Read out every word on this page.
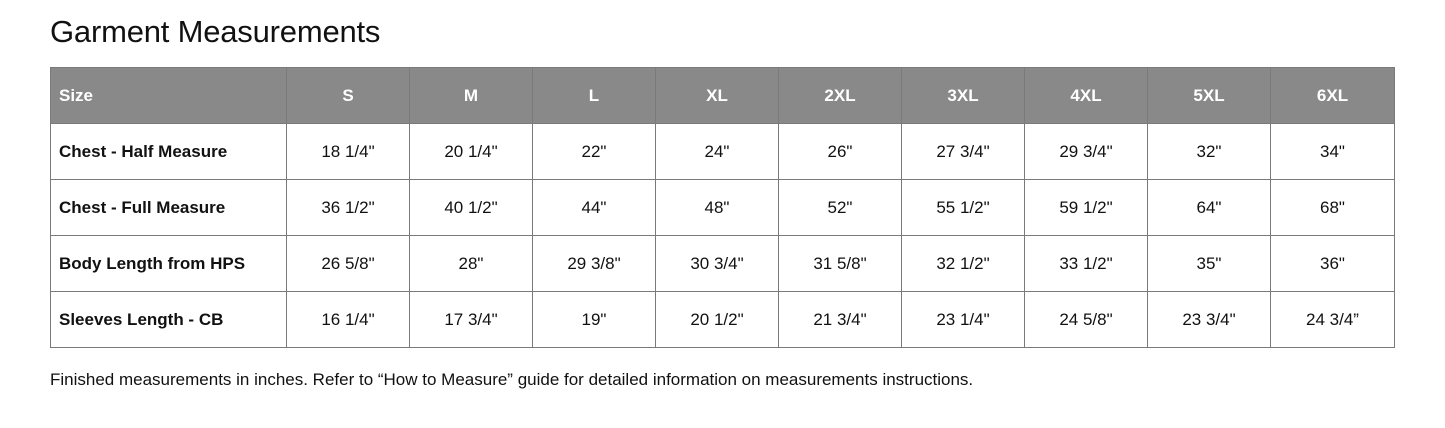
Garment Measurements
Size	S	M	L	XL	2XL	3XL	4XL	5XL	6XL
Chest - Half Measure	18 1/4"	20 1/4"	22"	24"	26"	27 3/4"	29 3/4"	32"	34"
Chest - Full Measure	36 1/2"	40 1/2"	44"	48"	52"	55 1/2"	59 1/2"	64"	68"
Body Length from HPS	26 5/8"	28"	29 3/8"	30 3/4"	31 5/8"	32 1/2"	33 1/2"	35"	36"
Sleeves Length - CB	16 1/4"	17 3/4"	19"	20 1/2"	21 3/4"	23 1/4"	24 5/8"	23 3/4"	24 3/4”

Finished measurements in inches. Refer to “How to Measure” guide for detailed information on measurements instructions.
